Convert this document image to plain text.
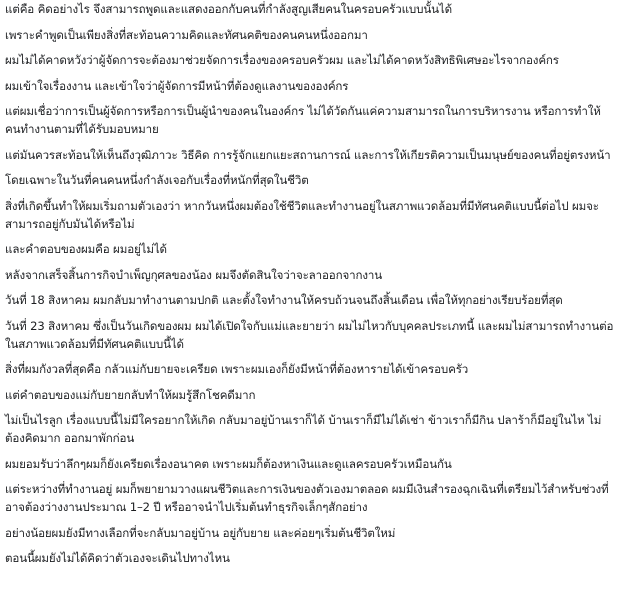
แต่คือ คิดอย่างไร จึงสามารถพูดและแสดงออกกับคนที่กำลังสูญเสียคนในครอบครัวแบบนั้นได้

เพราะคำพูดเป็นเพียงสิ่งที่สะท้อนความคิดและทัศนคติของคนคนหนึ่งออกมา

ผมไม่ได้คาดหวังว่าผู้จัดการจะต้องมาช่วยจัดการเรื่องของครอบครัวผม และไม่ได้คาดหวังสิทธิพิเศษอะไรจากองค์กร

ผมเข้าใจเรื่องงาน และเข้าใจว่าผู้จัดการมีหน้าที่ต้องดูแลงานขององค์กร

แต่ผมเชื่อว่าการเป็นผู้จัดการหรือการเป็นผู้นำของคนในองค์กร ไม่ได้วัดกันแค่ความสามารถในการบริหารงาน หรือการทำให้คนทำงานตามที่ได้รับมอบหมาย

แต่มันควรสะท้อนให้เห็นถึงวุฒิภาวะ วิธีคิด การรู้จักแยกแยะสถานการณ์ และการให้เกียรติความเป็นมนุษย์ของคนที่อยู่ตรงหน้า

โดยเฉพาะในวันที่คนคนหนึ่งกำลังเจอกับเรื่องที่หนักที่สุดในชีวิต

สิ่งที่เกิดขึ้นทำให้ผมเริ่มถามตัวเองว่า หากวันหนึ่งผมต้องใช้ชีวิตและทำงานอยู่ในสภาพแวดล้อมที่มีทัศนคติแบบนี้ต่อไป ผมจะสามารถอยู่กับมันได้หรือไม่

และคำตอบของผมคือ ผมอยู่ไม่ได้

หลังจากเสร็จสิ้นการกิจบำเพ็ญกุศลของน้อง ผมจึงตัดสินใจว่าจะลาออกจากงาน

วันที่ 18 สิงหาคม ผมกลับมาทำงานตามปกติ และตั้งใจทำงานให้ครบถ้วนจนถึงสิ้นเดือน เพื่อให้ทุกอย่างเรียบร้อยที่สุด

วันที่ 23 สิงหาคม ซึ่งเป็นวันเกิดของผม ผมได้เปิดใจกับแม่และยายว่า ผมไม่ไหวกับบุคคลประเภทนี้ และผมไม่สามารถทำงานต่อในสภาพแวดล้อมที่มีทัศนคติแบบนี้ได้

สิ่งที่ผมกังวลที่สุดคือ กลัวแม่กับยายจะเครียด เพราะผมเองก็ยังมีหน้าที่ต้องหารายได้เข้าครอบครัว

แต่คำตอบของแม่กับยายกลับทำให้ผมรู้สึกโชคดีมาก

ไม่เป็นไรลูก เรื่องแบบนี้ไม่มีใครอยากให้เกิด กลับมาอยู่บ้านเราก็ได้ บ้านเราก็มีไม่ได้เช่า ข้าวเราก็มีกิน ปลาร้าก็มีอยู่ในไห ไม่ต้องคิดมาก ออกมาพักก่อน

ผมยอมรับว่าลึกๆผมก็ยังเครียดเรื่องอนาคต เพราะผมก็ต้องหาเงินและดูแลครอบครัวเหมือนกัน

แต่ระหว่างที่ทำงานอยู่ ผมก็พยายามวางแผนชีวิตและการเงินของตัวเองมาตลอด ผมมีเงินสำรองฉุกเฉินที่เตรียมไว้สำหรับช่วงที่อาจต้องว่างงานประมาณ 1–2 ปี หรืออาจนำไปเริ่มต้นทำธุรกิจเล็กๆสักอย่าง

อย่างน้อยผมยังมีทางเลือกที่จะกลับมาอยู่บ้าน อยู่กับยาย และค่อยๆเริ่มต้นชีวิตใหม่

ตอนนี้ผมยังไม่ได้คิดว่าตัวเองจะเดินไปทางไหน
